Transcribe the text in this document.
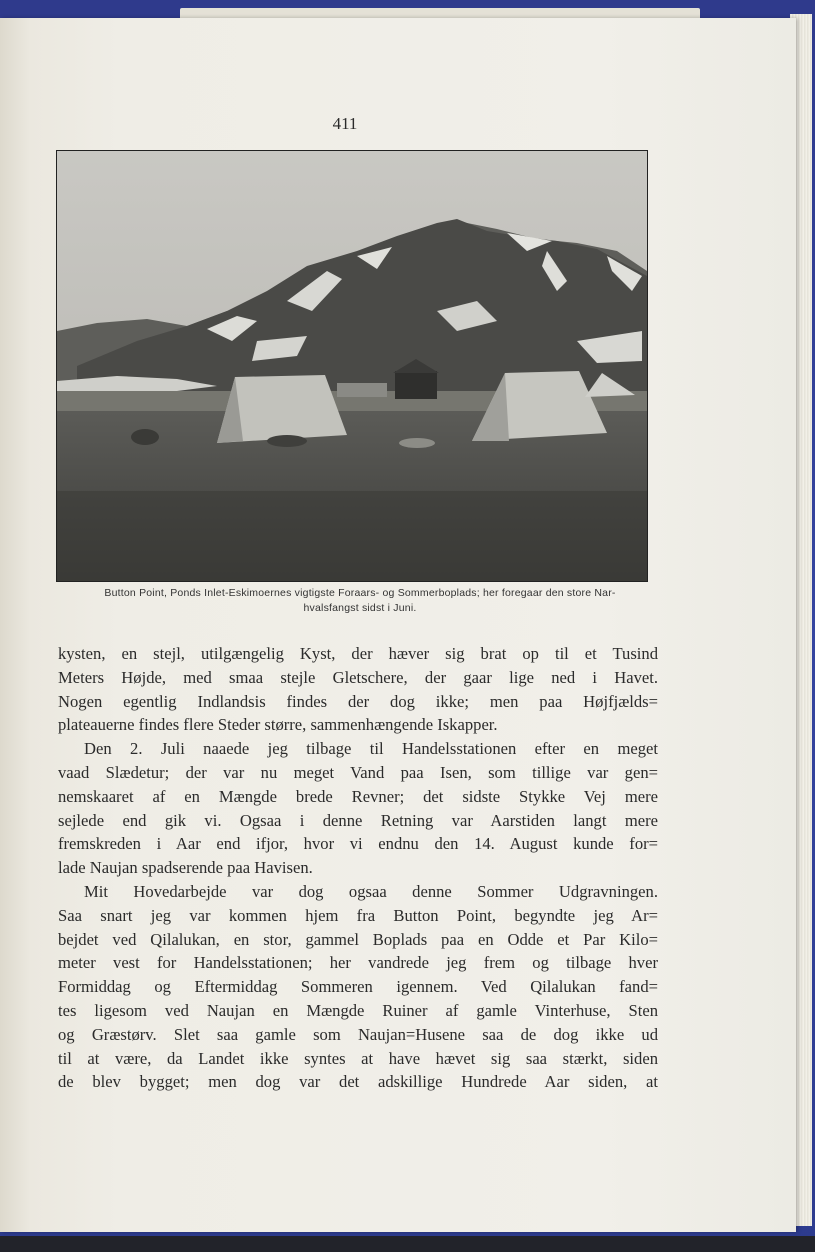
411
Button Point, Ponds Inlet-Eskimoernes vigtigste Foraars- og Sommerboplads; her foregaar den store Nar-
hvalsfangst sidst i Juni.
kysten, en stejl, utilgængelig Kyst, der hæver sig brat op til et Tusind
Meters Højde, med smaa stejle Gletschere, der gaar lige ned i Havet.
Nogen egentlig Indlandsis findes der dog ikke; men paa Højfjælds=
plateauerne findes flere Steder større, sammenhængende Iskapper.
Den 2. Juli naaede jeg tilbage til Handelsstationen efter en meget
vaad Slædetur; der var nu meget Vand paa Isen, som tillige var gen=
nemskaaret af en Mængde brede Revner; det sidste Stykke Vej mere
sejlede end gik vi. Ogsaa i denne Retning var Aarstiden langt mere
fremskreden i Aar end ifjor, hvor vi endnu den 14. August kunde for=
lade Naujan spadserende paa Havisen.
Mit Hovedarbejde var dog ogsaa denne Sommer Udgravningen.
Saa snart jeg var kommen hjem fra Button Point, begyndte jeg Ar=
bejdet ved Qilalukan, en stor, gammel Boplads paa en Odde et Par Kilo=
meter vest for Handelsstationen; her vandrede jeg frem og tilbage hver
Formiddag og Eftermiddag Sommeren igennem. Ved Qilalukan fand=
tes ligesom ved Naujan en Mængde Ruiner af gamle Vinterhuse, Sten
og Græstørv. Slet saa gamle som Naujan=Husene saa de dog ikke ud
til at være, da Landet ikke syntes at have hævet sig saa stærkt, siden
de blev bygget; men dog var det adskillige Hundrede Aar siden, at
